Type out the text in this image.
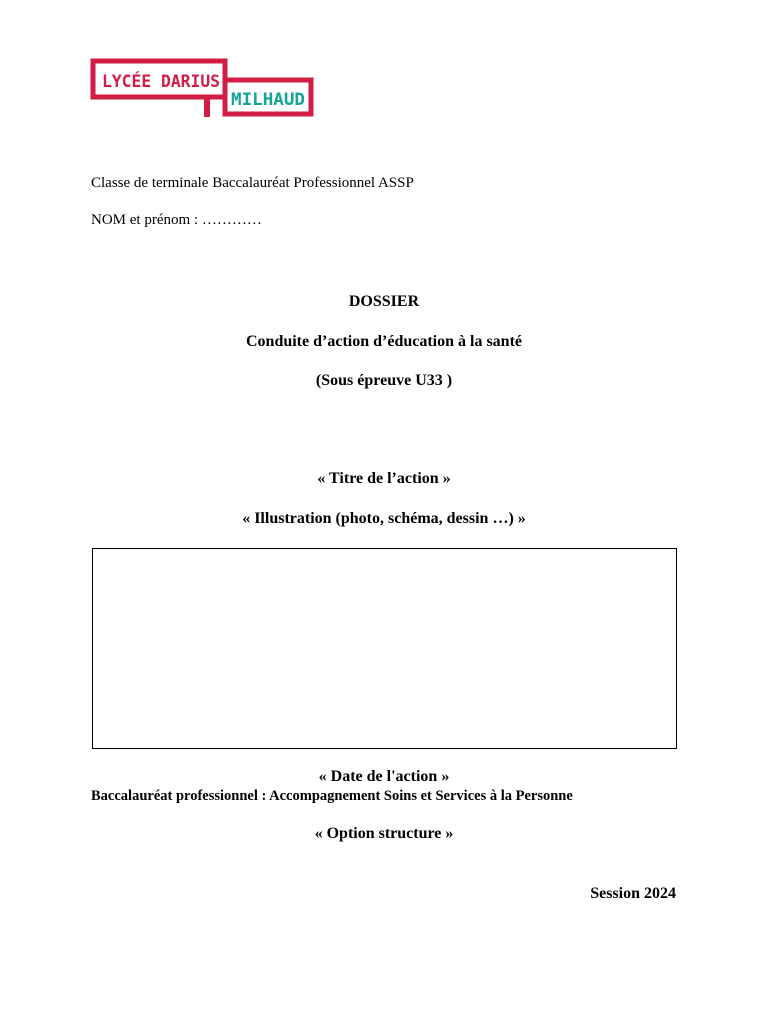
LYCÉE DARIUS
MILHAUD
Classe de terminale Baccalauréat Professionnel ASSP
NOM et prénom : …………
DOSSIER
Conduite d’action d’éducation à la santé
(Sous épreuve U33 )
« Titre de l’action »
« Illustration (photo, schéma, dessin …) »
« Date de l'action »
Baccalauréat professionnel : Accompagnement Soins et Services à la Personne
« Option structure »
Session 2024
